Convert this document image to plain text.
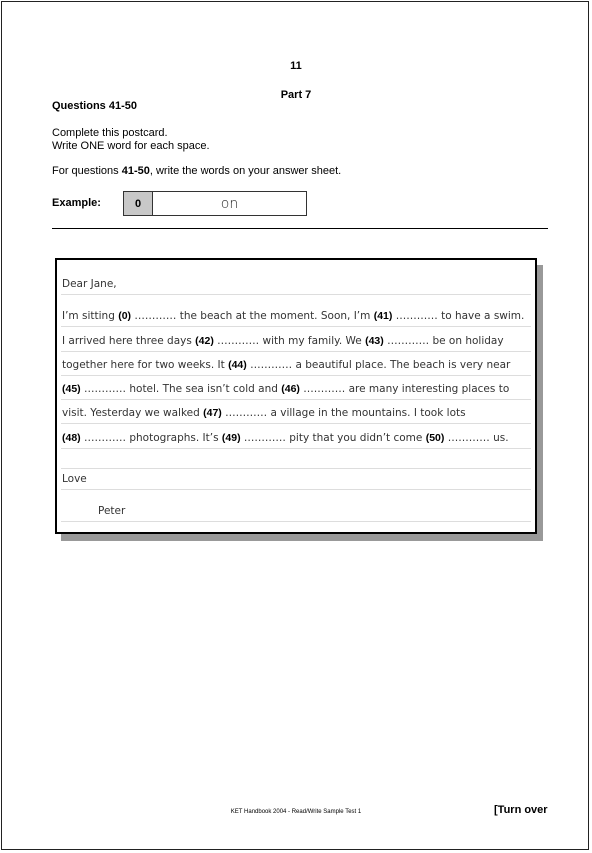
11
Part 7
Questions 41-50
Complete this postcard.
Write ONE word for each space.
For questions 41-50, write the words on your answer sheet.
Example:	0	on
Dear Jane,
I’m sitting (0) ………… the beach at the moment. Soon, I’m (41) ………… to have a swim.
I arrived here three days (42) ………… with my family. We (43) ………… be on holiday
together here for two weeks. It (44) ………… a beautiful place. The beach is very near
(45) ………… hotel. The sea isn’t cold and (46) ………… are many interesting places to
visit. Yesterday we walked (47) ………… a village in the mountains. I took lots
(48) ………… photographs. It’s (49) ………… pity that you didn’t come (50) ………… us.
Love
Peter
KET Handbook 2004 - Read/Write Sample Test 1	[Turn over
